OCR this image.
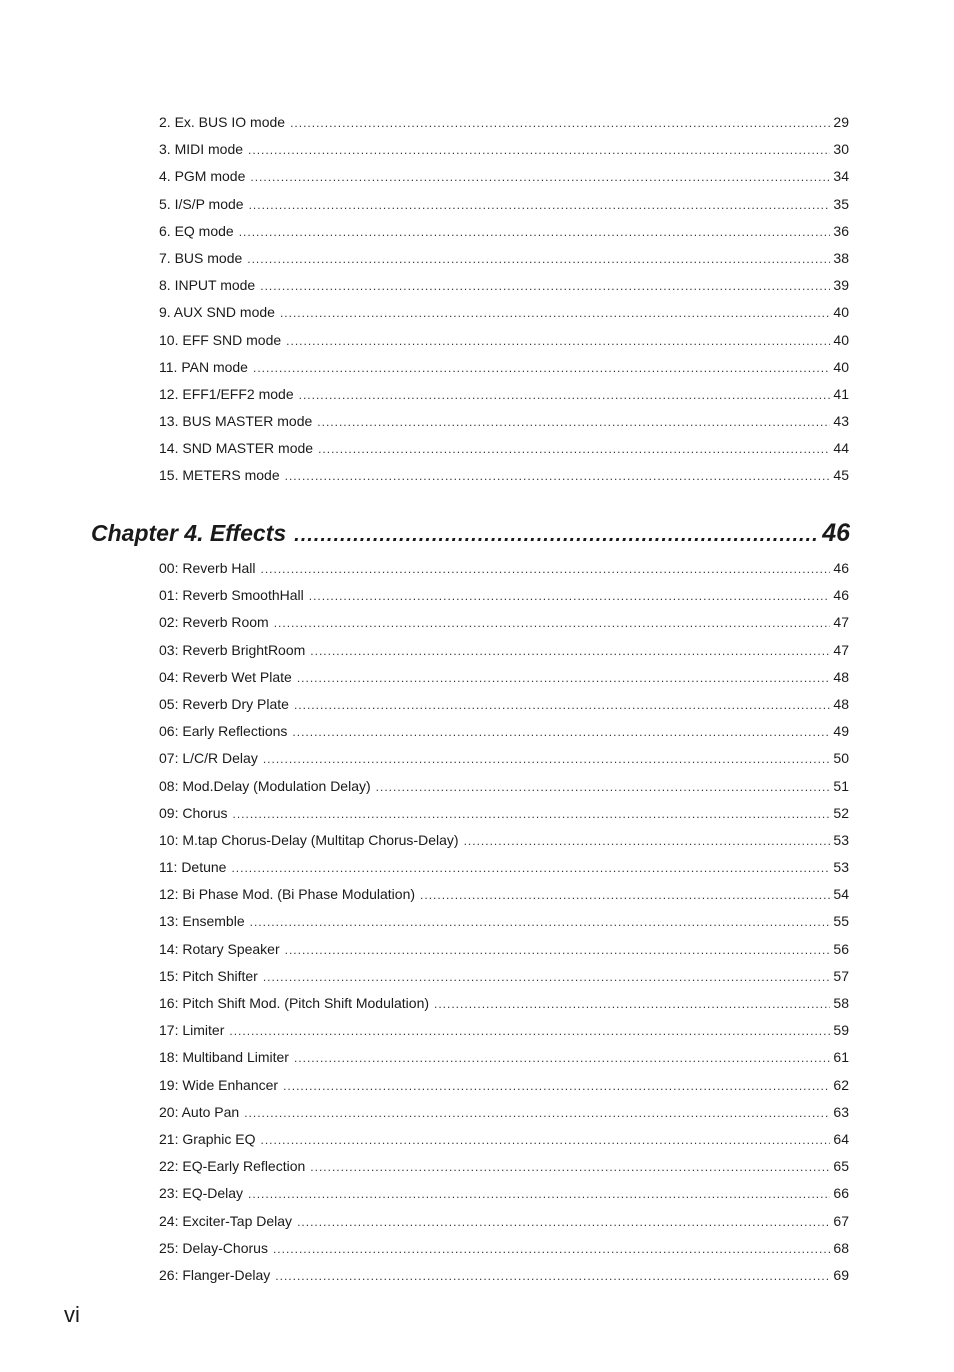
2. Ex. BUS IO mode .....	29
3. MIDI mode .....	30
4. PGM mode .....	34
5. I/S/P mode .....	35
6. EQ mode .....	36
7. BUS mode .....	38
8. INPUT mode .....	39
9. AUX SND mode .....	40
10. EFF SND mode .....	40
11. PAN mode .....	40
12. EFF1/EFF2 mode .....	41
13. BUS MASTER mode .....	43
14. SND MASTER mode .....	44
15. METERS mode .....	45
Chapter 4. Effects .....	46
00: Reverb Hall .....	46
01: Reverb SmoothHall .....	46
02: Reverb Room .....	47
03: Reverb BrightRoom .....	47
04: Reverb Wet Plate .....	48
05: Reverb Dry Plate .....	48
06: Early Reflections .....	49
07: L/C/R Delay .....	50
08: Mod.Delay (Modulation Delay) .....	51
09: Chorus .....	52
10: M.tap Chorus-Delay (Multitap Chorus-Delay) .....	53
11: Detune .....	53
12: Bi Phase Mod. (Bi Phase Modulation) .....	54
13: Ensemble .....	55
14: Rotary Speaker .....	56
15: Pitch Shifter .....	57
16: Pitch Shift Mod. (Pitch Shift Modulation) .....	58
17: Limiter .....	59
18: Multiband Limiter .....	61
19: Wide Enhancer .....	62
20: Auto Pan .....	63
21: Graphic EQ .....	64
22: EQ-Early Reflection .....	65
23: EQ-Delay .....	66
24: Exciter-Tap Delay .....	67
25: Delay-Chorus .....	68
26: Flanger-Delay .....	69
vi
